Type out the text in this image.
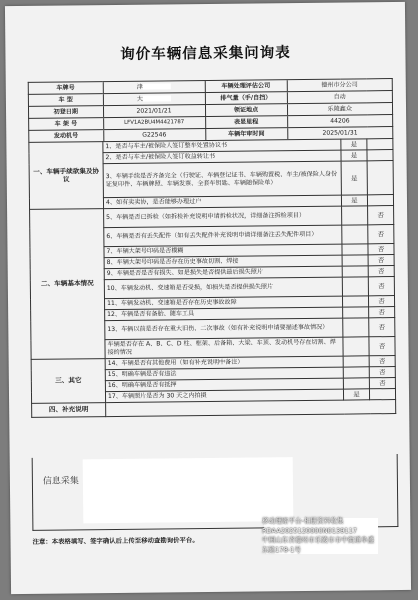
询价车辆信息采集问询表
车牌号	津	车辆处理评估公司	德州市分公司

车 型	大	排气量（手/自挡）	自动

初登日期	2021/01/21	领证地点	乐陵鑫众

车 架 号	LFV1A2BU4M4421787	表显里程	44206

发动机号	G22546	车辆年审时间	2025/01/31

一、车辆手续欲集及协议	1、是否与车主/被保险人签订整车处置协议书	是	
2、是否与车主/被保险人签订收益转让书	是	
3、车辆手续是否齐备完全（行驶证、车辆登记证书、车辆购置税、车主/被保险人身份证复印件、车辆牌照、车辆发票、全套车钥匙、车辆随保险单）	是	
4、如有卖卖协，是否能够办理过户	是	
二、车辆基本情况	5、车辆是否已拆检（如拆检补充说明申请拆检状况，详细备注拆检项目）		否
6、车辆是否有丢失配件（如有丢失配件补充说明申请详细备注丢失配件项目）		否
7、车辆大架号印码是否模糊		否
8、车辆大架号印码是否存在历史事故切割、焊接		否
9、车辆是否是否有损失、如是损失是否提供最后损失照片		否
10、车辆发动机、变速箱是否受损，如损失是否提供损失照片		否
11、车辆发动机、变速箱是否存在历史事故故障		否
12、车辆是否有备胎、随车工具		否
13、车辆以前是否存在重大旧伤、二次事故（如有补充说明申请要描述事故情况）		否
车辆是否存在 A、B、C、D 柱、框架、后备箱、大梁、车顶、发动机号存在切割、焊接的情况		否
三、其它	14、车辆是否有其他费用（如有补充说明中备注）		否
15、明确车辆是否有违法		否
16、明确车辆是否有抵押		否
17、车辆照片是否为 30 天之内拍摄	是	
四、补充说明	
信息采集
注意：本表格填写、签字确认后上传至移动查勘询价平台。
移动理赔平台-相册资料收集
RDAA2025120000N0139117
中国山东省德州市乐陵市市中街道阜盛
东路178-1号
